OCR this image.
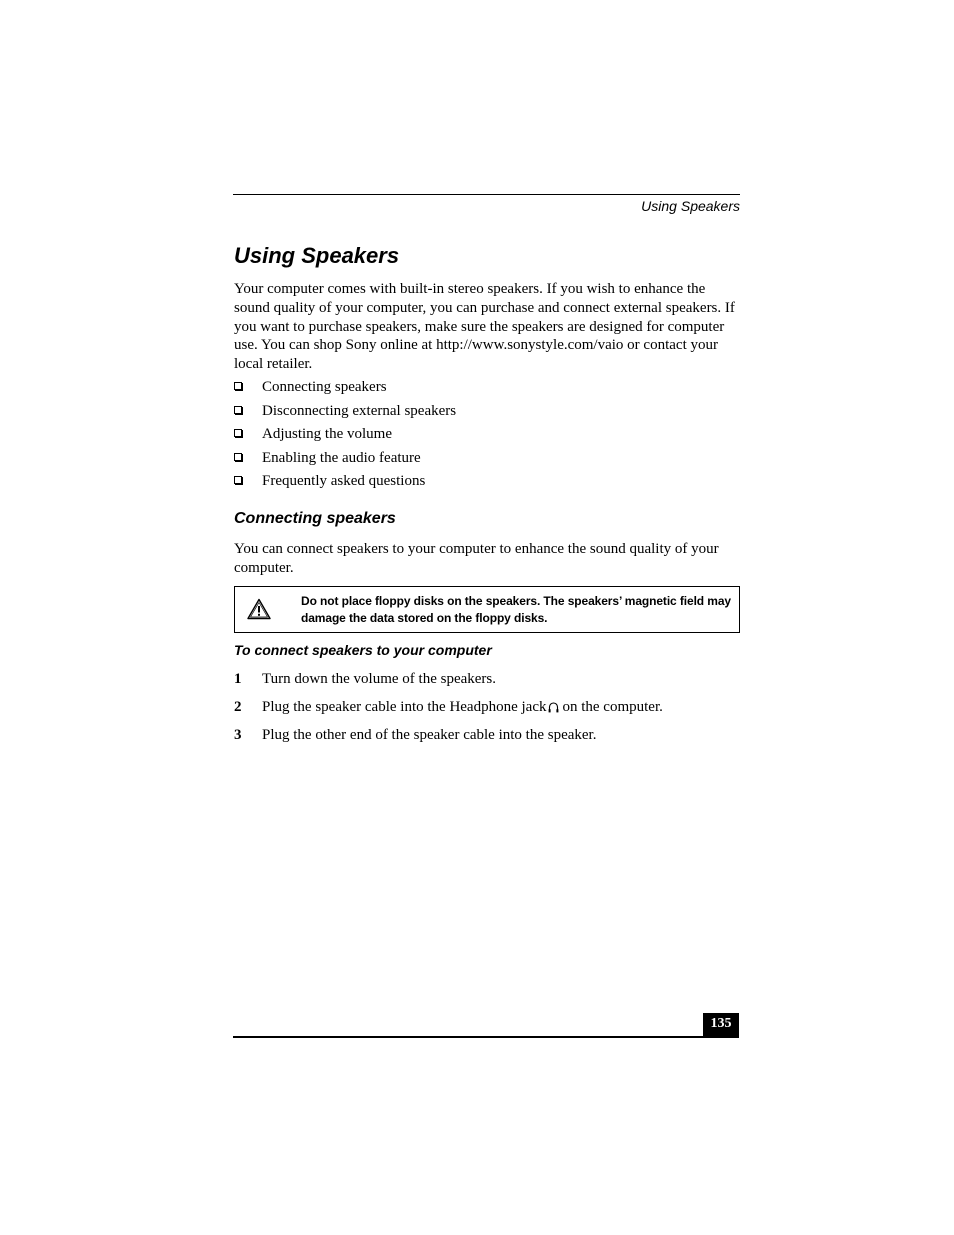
Using Speakers
Using Speakers

Your computer comes with built-in stereo speakers. If you wish to enhance the sound quality of your computer, you can purchase and connect external speakers. If you want to purchase speakers, make sure the speakers are designed for computer use. You can shop Sony online at http://www.sonystyle.com/vaio or contact your local retailer.

Connecting speakers
Disconnecting external speakers
Adjusting the volume
Enabling the audio feature
Frequently asked questions
Connecting speakers

You can connect speakers to your computer to enhance the sound quality of your computer.

Do not place floppy disks on the speakers. The speakers’ magnetic field may damage the data stored on the floppy disks.
To connect speakers to your computer
1 Turn down the volume of the speakers.
2 Plug the speaker cable into the Headphone jack on the computer.
3 Plug the other end of the speaker cable into the speaker.
135
